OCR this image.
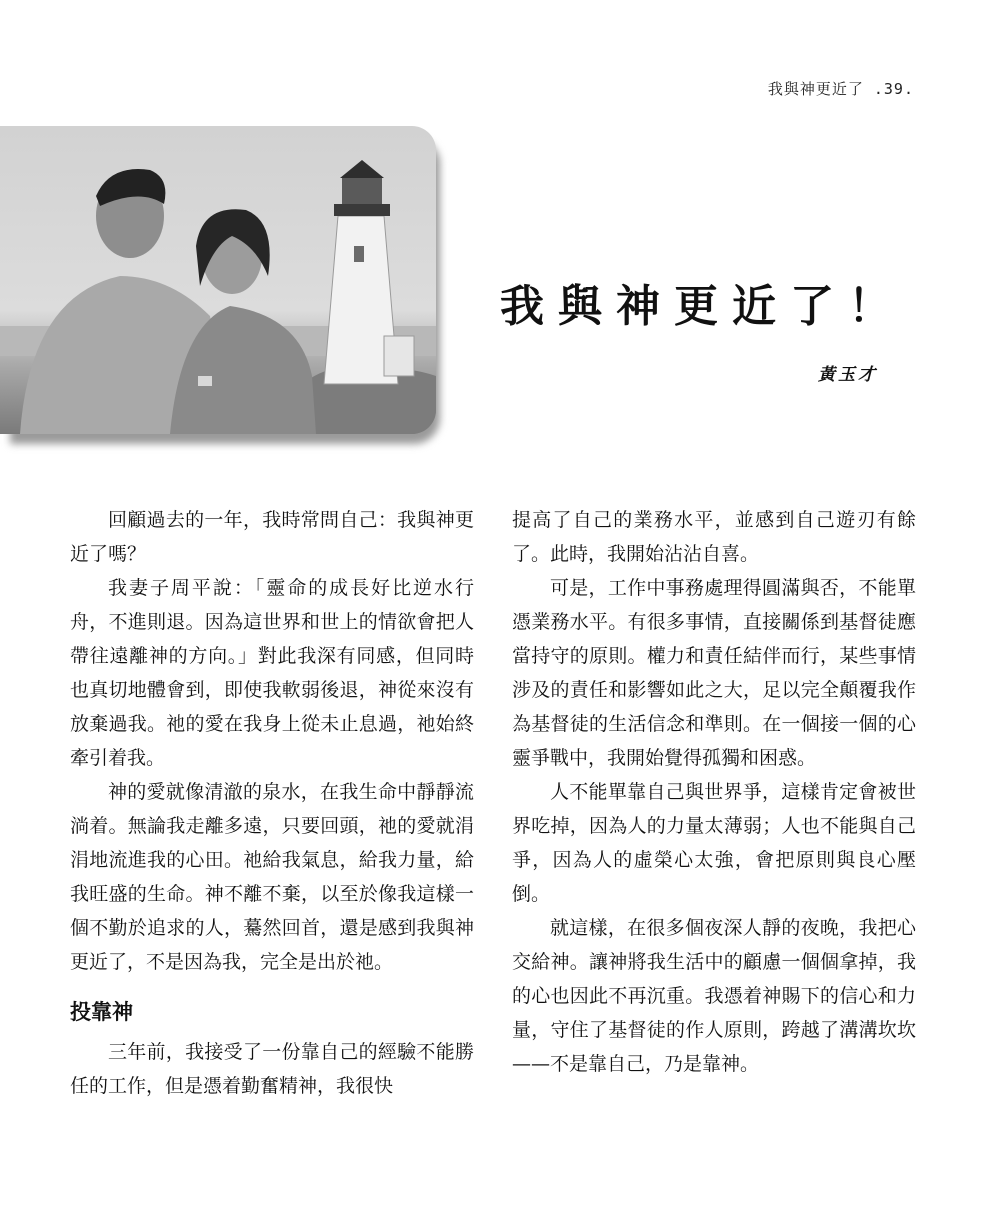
我與神更近了 .39.
我與神更近了！
黃玉才

回顧過去的一年，我時常問自己：我與神更近了嗎？

我妻子周平說：「靈命的成長好比逆水行舟，不進則退。因為這世界和世上的情欲會把人帶往遠離神的方向。」對此我深有同感，但同時也真切地體會到，即使我軟弱後退，神從來沒有放棄過我。祂的愛在我身上從未止息過，祂始終牽引着我。

神的愛就像清澈的泉水，在我生命中靜靜流淌着。無論我走離多遠，只要回頭，祂的愛就涓涓地流進我的心田。祂給我氣息，給我力量，給我旺盛的生命。神不離不棄，以至於像我這樣一個不勤於追求的人，驀然回首，還是感到我與神更近了，不是因為我，完全是出於祂。

投靠神

三年前，我接受了一份靠自己的經驗不能勝任的工作，但是憑着勤奮精神，我很快

提高了自己的業務水平，並感到自己遊刃有餘了。此時，我開始沾沾自喜。

可是，工作中事務處理得圓滿與否，不能單憑業務水平。有很多事情，直接關係到基督徒應當持守的原則。權力和責任結伴而行，某些事情涉及的責任和影響如此之大，足以完全顛覆我作為基督徒的生活信念和準則。在一個接一個的心靈爭戰中，我開始覺得孤獨和困惑。

人不能單靠自己與世界爭，這樣肯定會被世界吃掉，因為人的力量太薄弱；人也不能與自己爭，因為人的虛榮心太強，會把原則與良心壓倒。

就這樣，在很多個夜深人靜的夜晚，我把心交給神。讓神將我生活中的顧慮一個個拿掉，我的心也因此不再沉重。我憑着神賜下的信心和力量，守住了基督徒的作人原則，跨越了溝溝坎坎——不是靠自己，乃是靠神。
